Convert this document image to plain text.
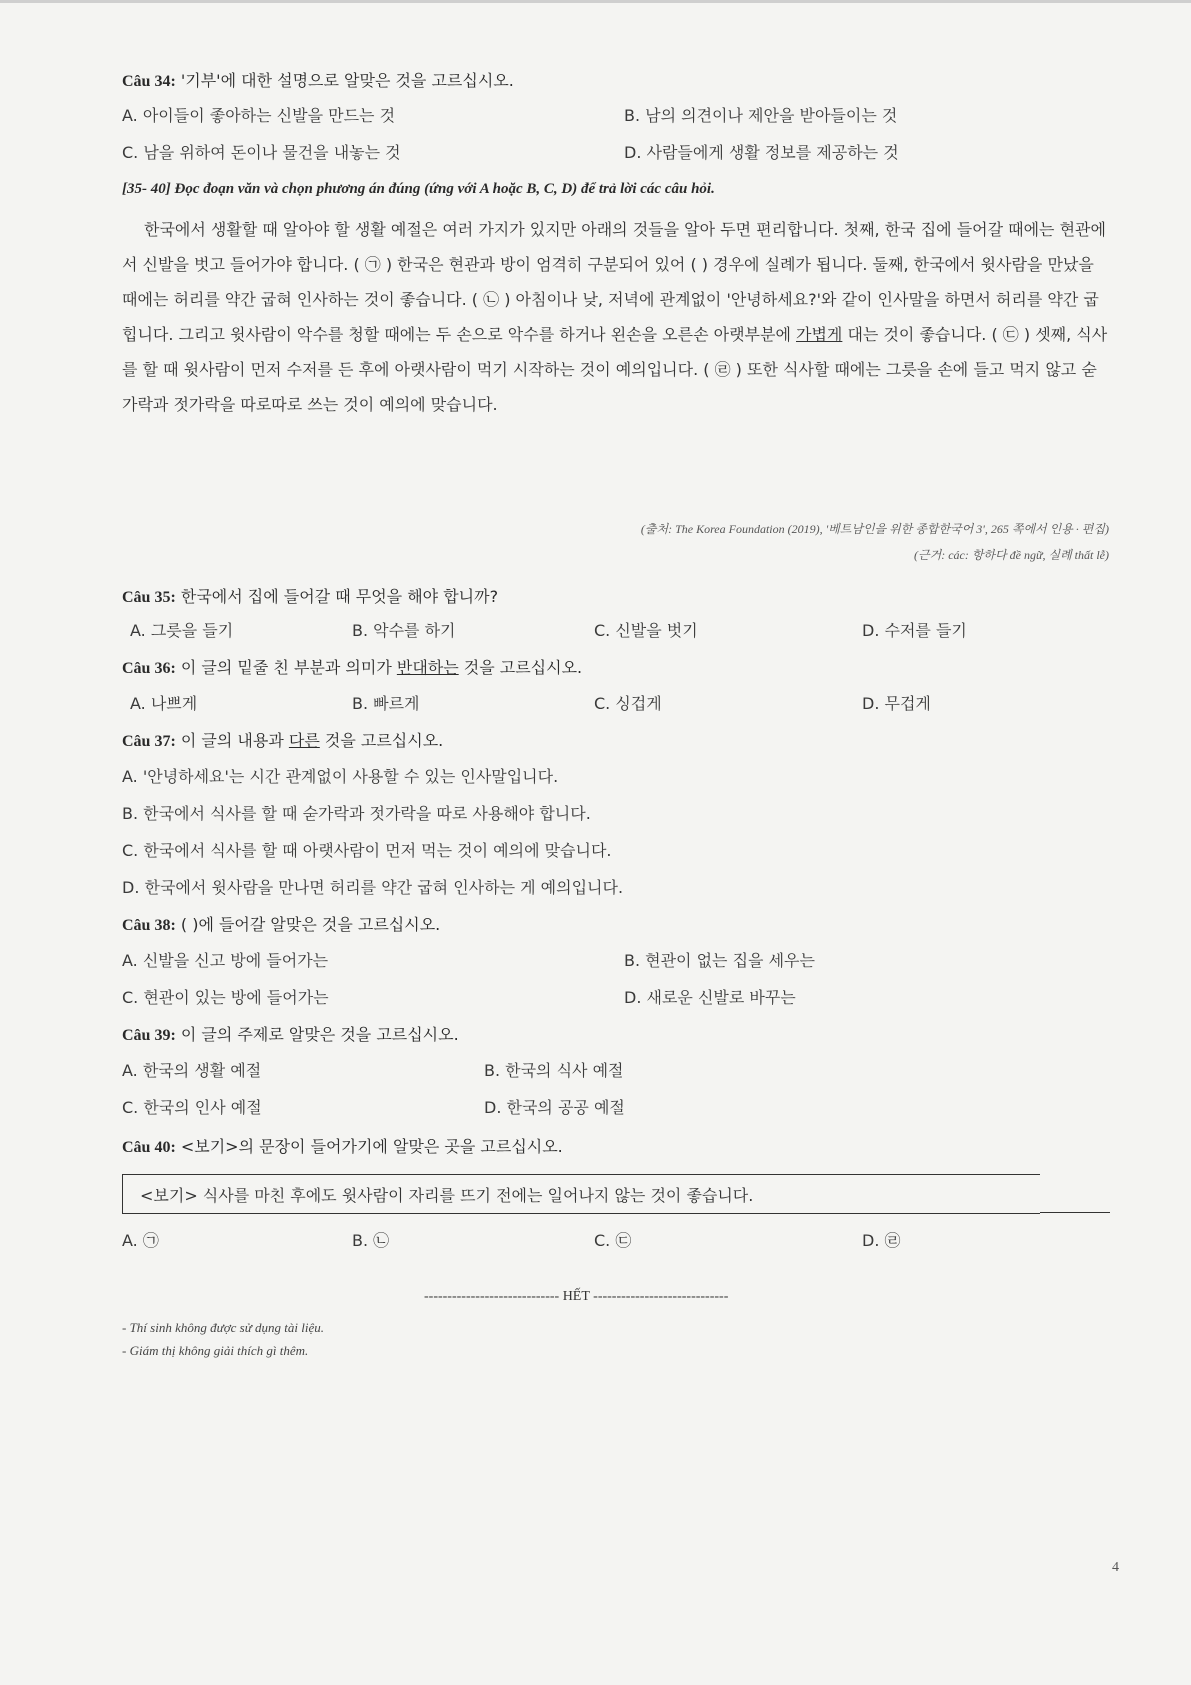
Câu 34: '기부'에 대한 설명으로 알맞은 것을 고르십시오.
A. 아이들이 좋아하는 신발을 만드는 것	B. 남의 의견이나 제안을 받아들이는 것
C. 남을 위하여 돈이나 물건을 내놓는 것	D. 사람들에게 생활 정보를 제공하는 것
[35- 40] Đọc đoạn văn và chọn phương án đúng (ứng với A hoặc B, C, D) để trả lời các câu hỏi.

한국에서 생활할 때 알아야 할 생활 예절은 여러 가지가 있지만 아래의 것들을 알아 두면 편리합니다. 첫째, 한국 집에 들어갈 때에는 현관에서 신발을 벗고 들어가야 합니다. ( ㉠ ) 한국은 현관과 방이 엄격히 구분되어 있어 ( ) 경우에 실례가 됩니다. 둘째, 한국에서 윗사람을 만났을 때에는 허리를 약간 굽혀 인사하는 것이 좋습니다. ( ㉡ ) 아침이나 낮, 저녁에 관계없이 '안녕하세요?'와 같이 인사말을 하면서 허리를 약간 굽힙니다. 그리고 윗사람이 악수를 청할 때에는 두 손으로 악수를 하거나 왼손을 오른손 아랫부분에 가볍게 대는 것이 좋습니다. ( ㉢ ) 셋째, 식사를 할 때 윗사람이 먼저 수저를 든 후에 아랫사람이 먹기 시작하는 것이 예의입니다. ( ㉣ ) 또한 식사할 때에는 그릇을 손에 들고 먹지 않고 숟가락과 젓가락을 따로따로 쓰는 것이 예의에 맞습니다.

(출처: The Korea Foundation (2019), '베트남인을 위한 종합한국어 3', 265 쪽에서 인용 · 편집)
(근거: các: 항하다 đề ngữ, 실례 thất lễ)
Câu 35: 한국에서 집에 들어갈 때 무엇을 해야 합니까?
A. 그릇을 들기	B. 악수를 하기	C. 신발을 벗기	D. 수저를 들기
Câu 36: 이 글의 밑줄 친 부분과 의미가 반대하는 것을 고르십시오.
A. 나쁘게	B. 빠르게	C. 싱겁게	D. 무겁게
Câu 37: 이 글의 내용과 다른 것을 고르십시오.
A. '안녕하세요'는 시간 관계없이 사용할 수 있는 인사말입니다.
B. 한국에서 식사를 할 때 숟가락과 젓가락을 따로 사용해야 합니다.
C. 한국에서 식사를 할 때 아랫사람이 먼저 먹는 것이 예의에 맞습니다.
D. 한국에서 윗사람을 만나면 허리를 약간 굽혀 인사하는 게 예의입니다.
Câu 38: ( )에 들어갈 알맞은 것을 고르십시오.
A. 신발을 신고 방에 들어가는	B. 현관이 없는 집을 세우는
C. 현관이 있는 방에 들어가는	D. 새로운 신발로 바꾸는
Câu 39: 이 글의 주제로 알맞은 것을 고르십시오.
A. 한국의 생활 예절	B. 한국의 식사 예절
C. 한국의 인사 예절	D. 한국의 공공 예절
Câu 40: <보기>의 문장이 들어가기에 알맞은 곳을 고르십시오.
<보기> 식사를 마친 후에도 윗사람이 자리를 뜨기 전에는 일어나지 않는 것이 좋습니다.
A. ㉠	B. ㉡	C. ㉢	D. ㉣
----------------------------- HẾT -----------------------------
- Thí sinh không được sử dụng tài liệu.
- Giám thị không giải thích gì thêm.
4
